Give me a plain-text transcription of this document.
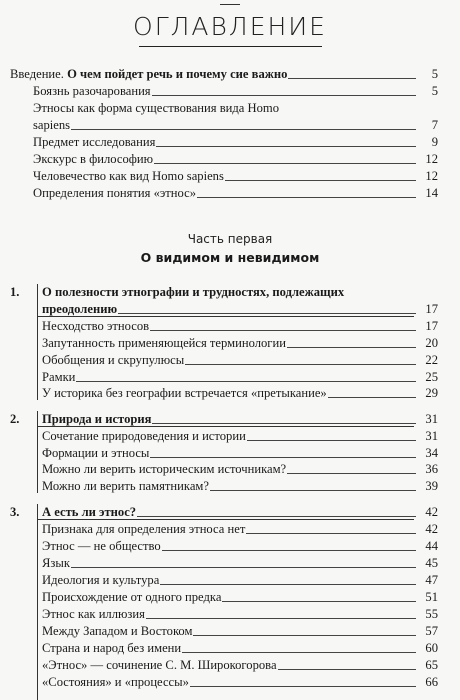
ОГЛАВЛЕНИЕ
Введение. О чем пойдет речь и почему сие важно	5
Боязнь разочарования	5
Этносы как форма существования вида Homo
sapiens	7
Предмет исследования	9
Экскурс в философию	12
Человечество как вид Homo sapiens	12
Определения понятия «этнос»	14
Часть первая
О видимом и невидимом
1. О полезности этнографии и трудностях, подлежащих
преодолению	17
Несходство этносов	17
Запутанность применяющейся терминологии	20
Обобщения и скрупулюсы	22
Рамки	25
У историка без географии встречается «претыкание»	29
2. Природа и история	31
Сочетание природоведения и истории	31
Формации и этносы	34
Можно ли верить историческим источникам?	36
Можно ли верить памятникам?	39
3. А есть ли этнос?	42
Признака для определения этноса нет	42
Этнос — не общество	44
Язык	45
Идеология и культура	47
Происхождение от одного предка	51
Этнос как иллюзия	55
Между Западом и Востоком	57
Страна и народ без имени	60
«Этнос» — сочинение С. М. Широкогорова	65
«Состояния» и «процессы»	66
